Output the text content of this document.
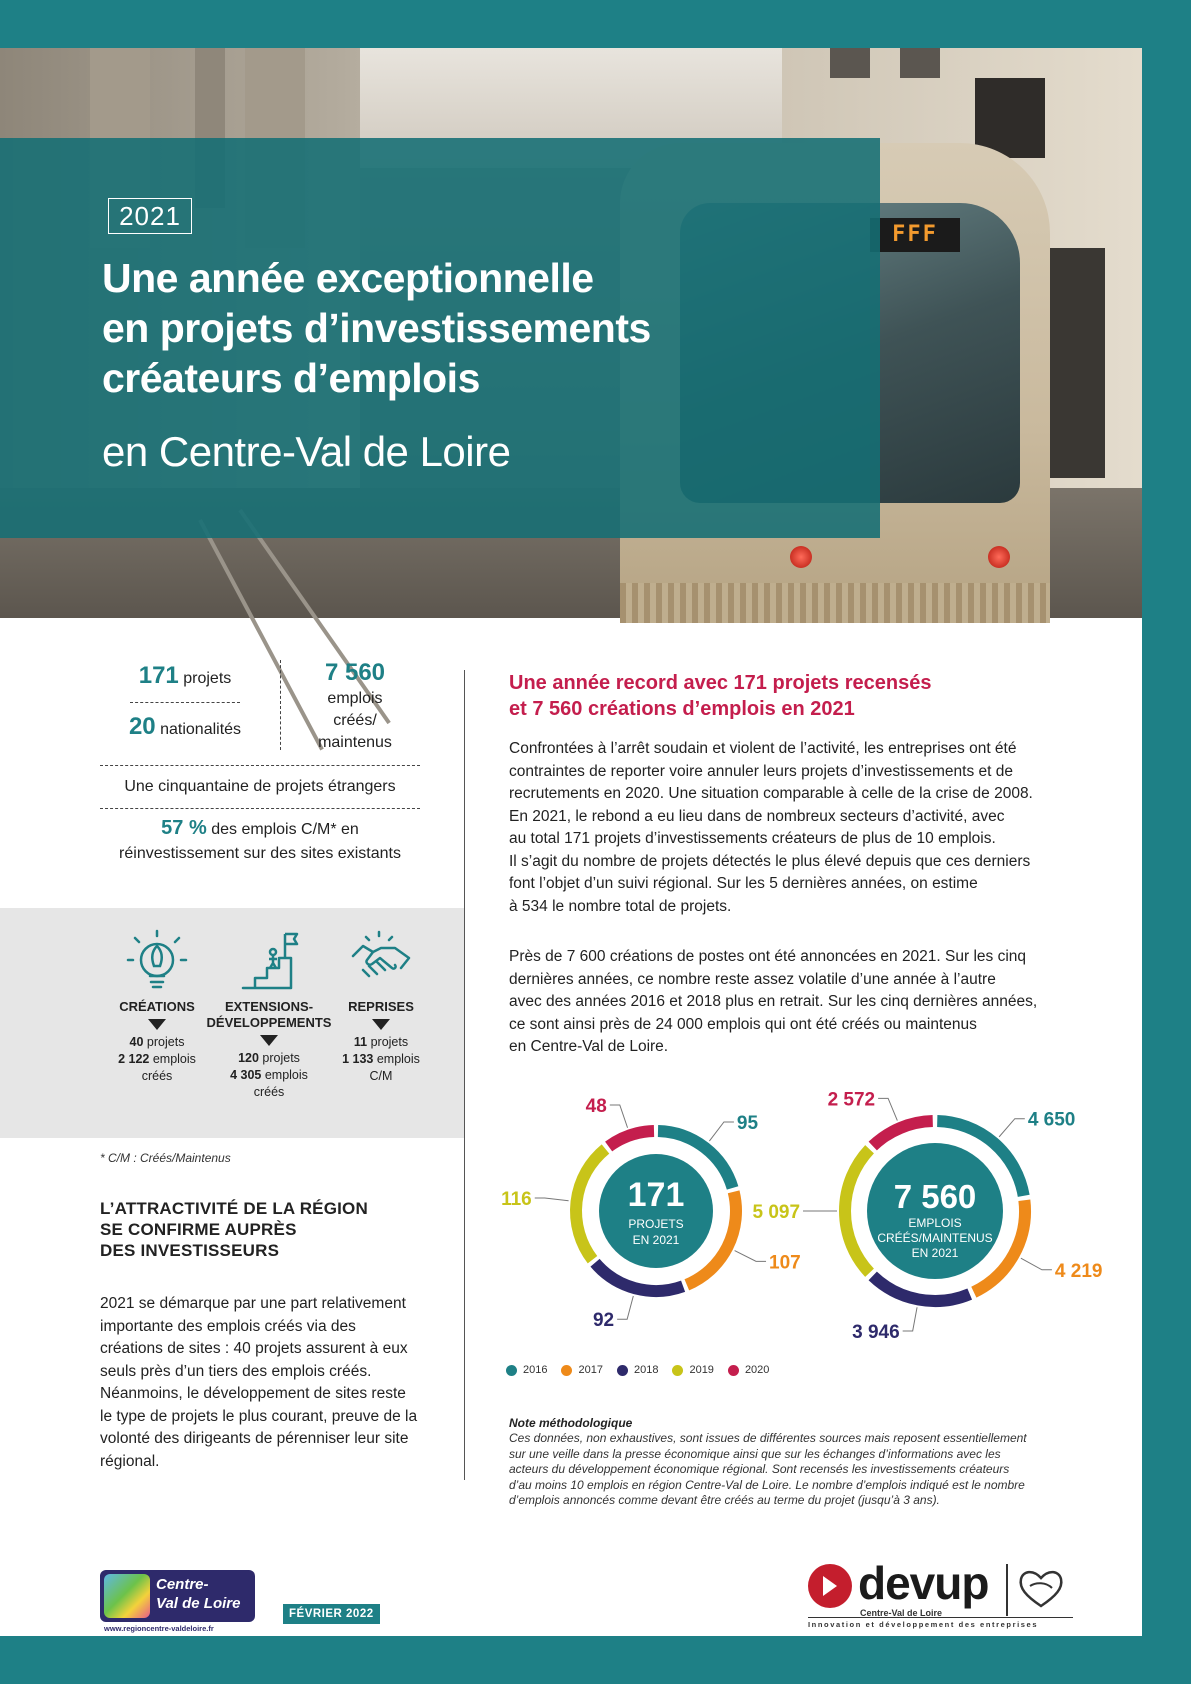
FFF
2021
Une année exceptionnelle
en projets d’investissements
créateurs d’emplois
en Centre-Val de Loire
171 projets
20 nationalités
7 560
emplois
créés/
maintenus
Une cinquantaine de projets étrangers
57 % des emplois C/M* en
réinvestissement sur des sites existants
CRÉATIONS
40 projets
2 122 emplois
créés
EXTENSIONS-
DÉVELOPPEMENTS
120 projets
4 305 emplois
créés
REPRISES
11 projets
1 133 emplois
C/M
* C/M : Créés/Maintenus
L’ATTRACTIVITÉ DE LA RÉGION
SE CONFIRME AUPRÈS
DES INVESTISSEURS
2021 se démarque par une part relativement importante des emplois créés via des créations de sites : 40 projets assurent à eux seuls près d’un tiers des emplois créés. Néanmoins, le développement de sites reste le type de projets le plus courant, preuve de la volonté des dirigeants de pérenniser leur site régional.
Une année record avec 171 projets recensés
et 7 560 créations d’emplois en 2021
Confrontées à l’arrêt soudain et violent de l’activité, les entreprises ont été
contraintes de reporter voire annuler leurs projets d’investissements et de
recrutements en 2020. Une situation comparable à celle de la crise de 2008.
En 2021, le rebond a eu lieu dans de nombreux secteurs d’activité, avec
au total 171 projets d’investissements créateurs de plus de 10 emplois.
Il s’agit du nombre de projets détectés le plus élevé depuis que ces derniers
font l’objet d’un suivi régional. Sur les 5 dernières années, on estime
à 534 le nombre total de projets.
Près de 7 600 créations de postes ont été annoncées en 2021. Sur les cinq
dernières années, ce nombre reste assez volatile d’une année à l’autre
avec des années 2016 et 2018 plus en retrait. Sur les cinq dernières années,
ce sont ainsi près de 24 000 emplois qui ont été créés ou maintenus
en Centre-Val de Loire.
171
PROJETS
EN 2021
95
107
92
116
48
7 560
EMPLOIS
CRÉÉS/MAINTENUS
EN 2021
4 650
4 219
3 946
5 097
2 572
2016	2017	2018	2019	2020
Note méthodologique
Ces données, non exhaustives, sont issues de différentes sources mais reposent essentiellement
sur une veille dans la presse économique ainsi que sur les échanges d’informations avec les
acteurs du développement économique régional. Sont recensés les investissements créateurs
d’au moins 10 emplois en région Centre-Val de Loire. Le nombre d’emplois indiqué est le nombre
d’emplois annoncés comme devant être créés au terme du projet (jusqu’à 3 ans).
Centre-
Val de Loire
www.regioncentre-valdeloire.fr
FÉVRIER 2022
devup
Centre-Val de Loire
Innovation et développement des entreprises
